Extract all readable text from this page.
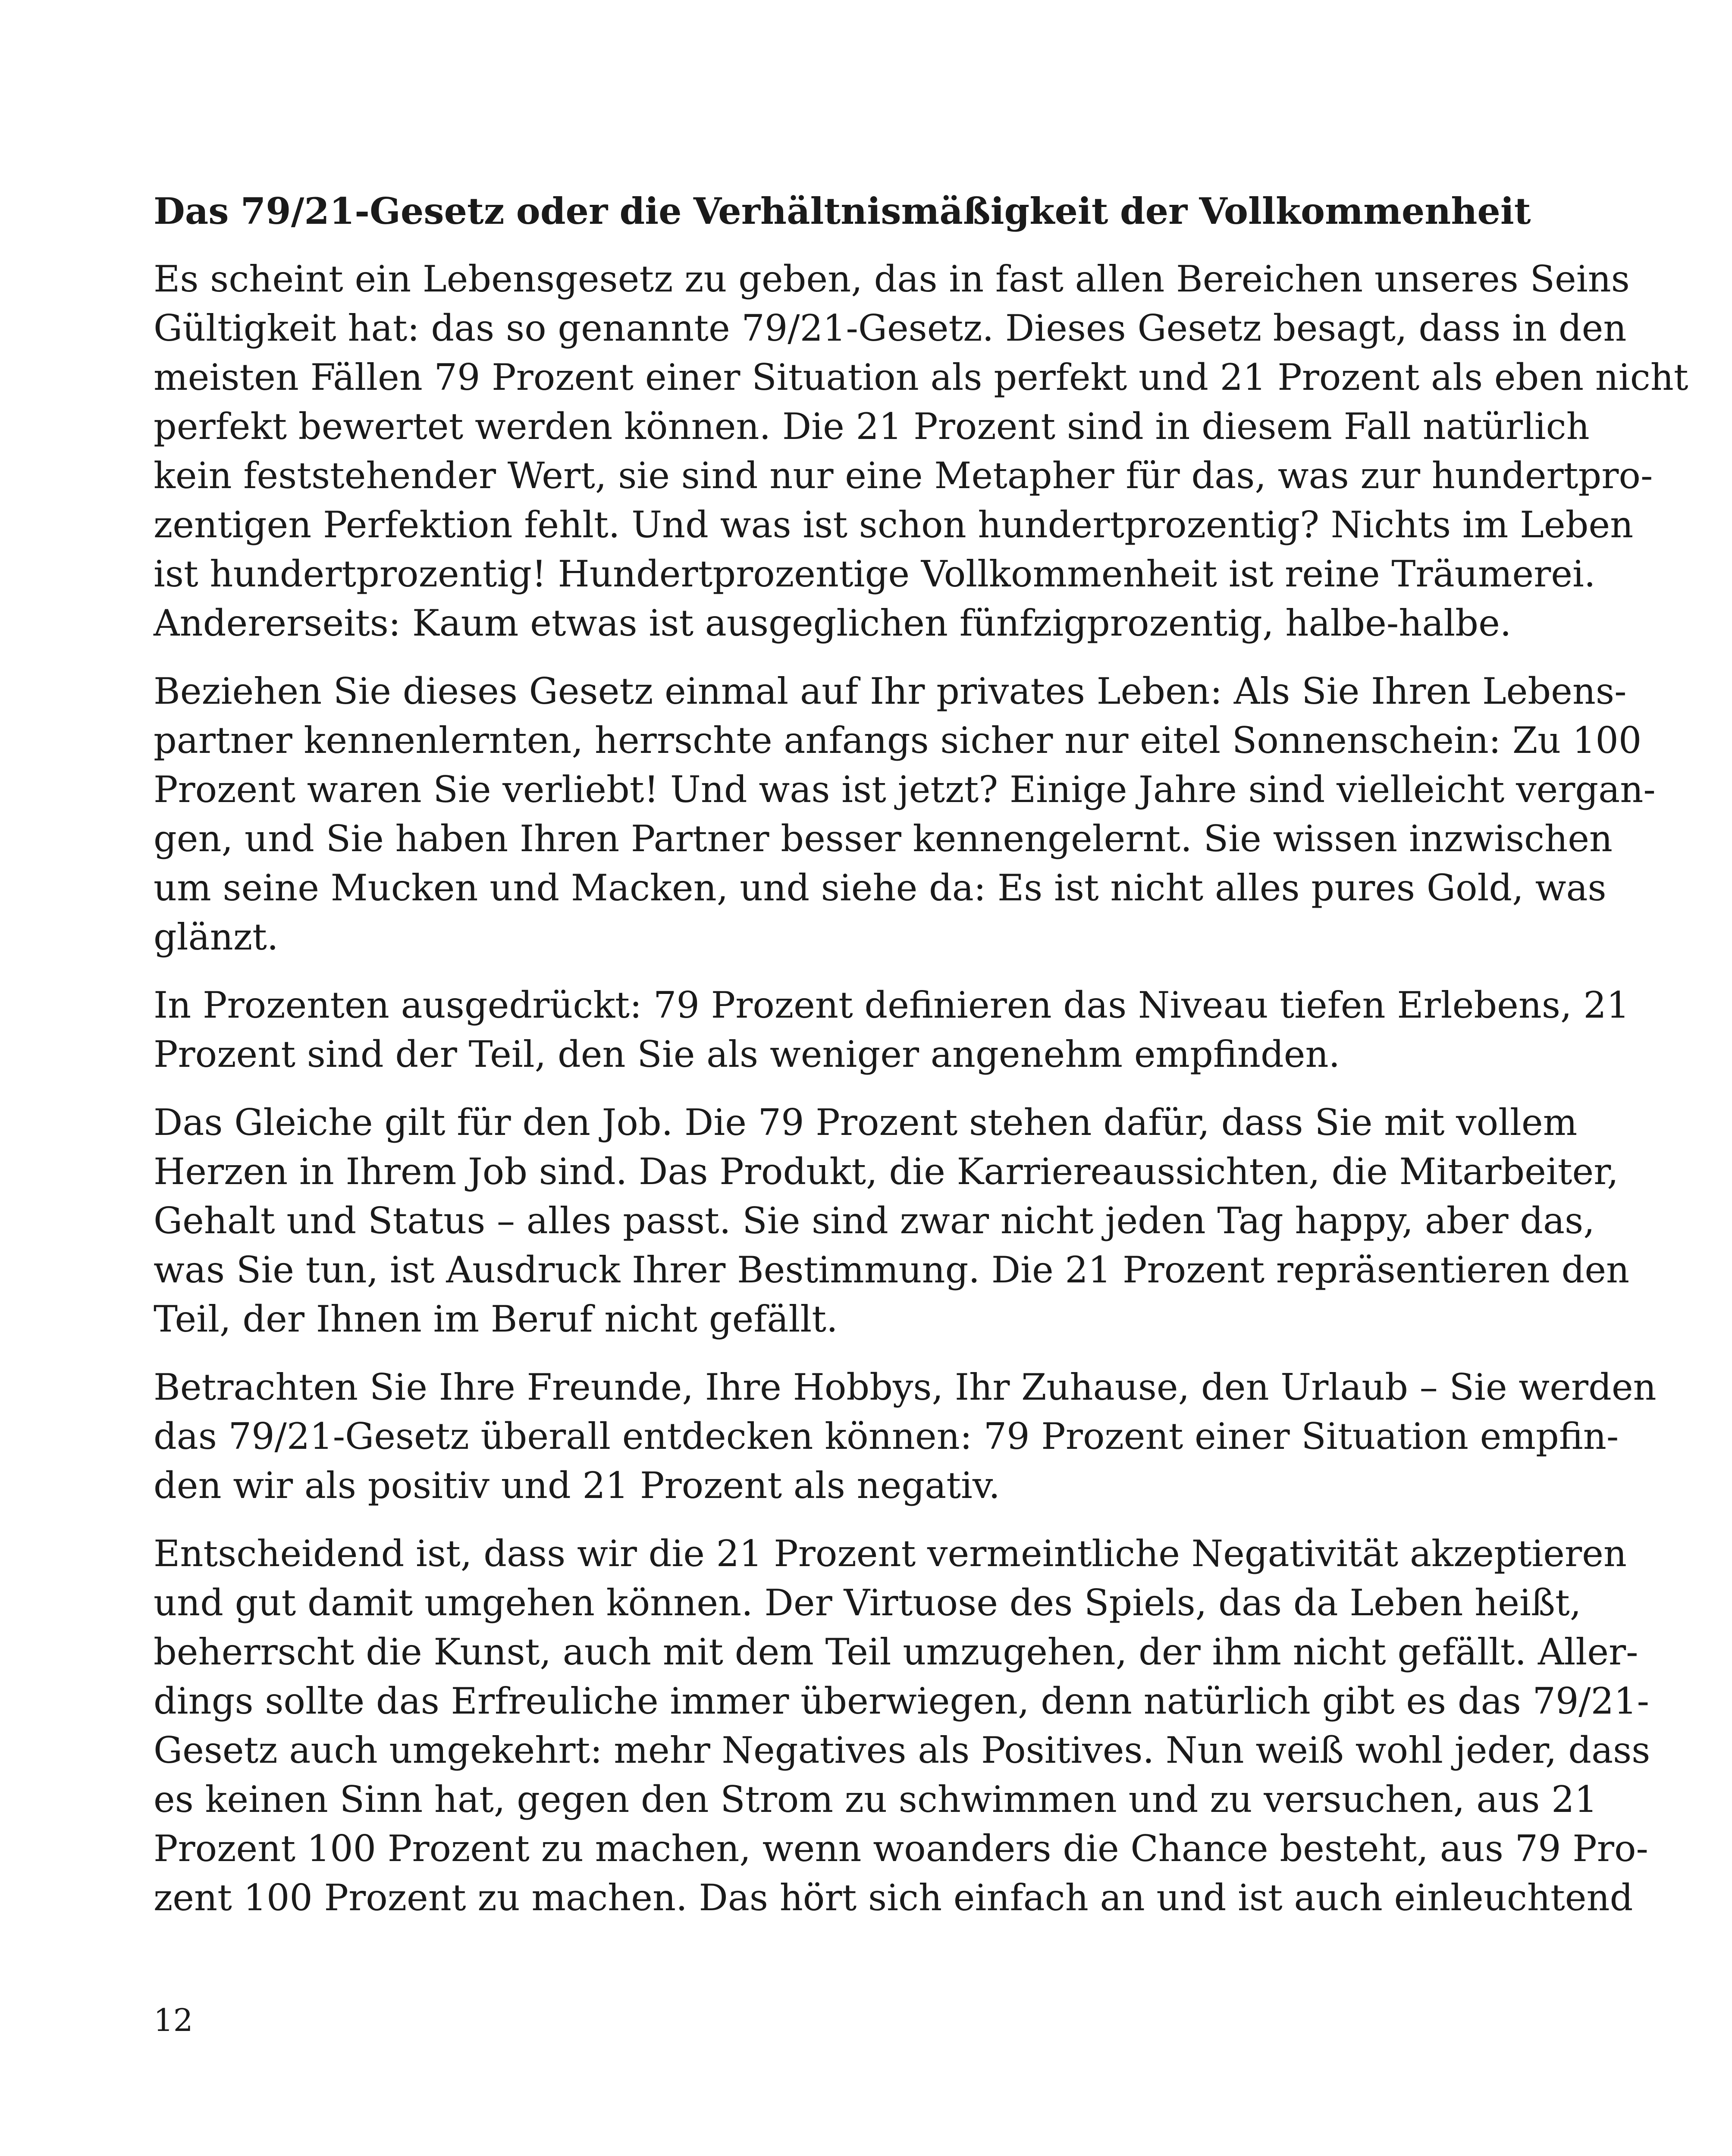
Das 79/21-Gesetz oder die Verhältnismäßigkeit der Vollkommenheit
Es scheint ein Lebensgesetz zu geben, das in fast allen Bereichen unseres Seins
Gültigkeit hat: das so genannte 79/21-Gesetz. Dieses Gesetz besagt, dass in den
meisten Fällen 79 Prozent einer Situation als perfekt und 21 Prozent als eben nicht
perfekt bewertet werden können. Die 21 Prozent sind in diesem Fall natürlich
kein feststehender Wert, sie sind nur eine Metapher für das, was zur hundertpro-
zentigen Perfektion fehlt. Und was ist schon hundertprozentig? Nichts im Leben
ist hundertprozentig! Hundertprozentige Vollkommenheit ist reine Träumerei.
Andererseits: Kaum etwas ist ausgeglichen fünfzigprozentig, halbe-halbe.
Beziehen Sie dieses Gesetz einmal auf Ihr privates Leben: Als Sie Ihren Lebens-
partner kennenlernten, herrschte anfangs sicher nur eitel Sonnenschein: Zu 100
Prozent waren Sie verliebt! Und was ist jetzt? Einige Jahre sind vielleicht vergan-
gen, und Sie haben Ihren Partner besser kennengelernt. Sie wissen inzwischen
um seine Mucken und Macken, und siehe da: Es ist nicht alles pures Gold, was
glänzt.
In Prozenten ausgedrückt: 79 Prozent definieren das Niveau tiefen Erlebens, 21
Prozent sind der Teil, den Sie als weniger angenehm empfinden.
Das Gleiche gilt für den Job. Die 79 Prozent stehen dafür, dass Sie mit vollem
Herzen in Ihrem Job sind. Das Produkt, die Karriereaussichten, die Mitarbeiter,
Gehalt und Status – alles passt. Sie sind zwar nicht jeden Tag happy, aber das,
was Sie tun, ist Ausdruck Ihrer Bestimmung. Die 21 Prozent repräsentieren den
Teil, der Ihnen im Beruf nicht gefällt.
Betrachten Sie Ihre Freunde, Ihre Hobbys, Ihr Zuhause, den Urlaub – Sie werden
das 79/21-Gesetz überall entdecken können: 79 Prozent einer Situation empfin-
den wir als positiv und 21 Prozent als negativ.
Entscheidend ist, dass wir die 21 Prozent vermeintliche Negativität akzeptieren
und gut damit umgehen können. Der Virtuose des Spiels, das da Leben heißt,
beherrscht die Kunst, auch mit dem Teil umzugehen, der ihm nicht gefällt. Aller-
dings sollte das Erfreuliche immer überwiegen, denn natürlich gibt es das 79/21-
Gesetz auch umgekehrt: mehr Negatives als Positives. Nun weiß wohl jeder, dass
es keinen Sinn hat, gegen den Strom zu schwimmen und zu versuchen, aus 21
Prozent 100 Prozent zu machen, wenn woanders die Chance besteht, aus 79 Pro-
zent 100 Prozent zu machen. Das hört sich einfach an und ist auch einleuchtend
12
